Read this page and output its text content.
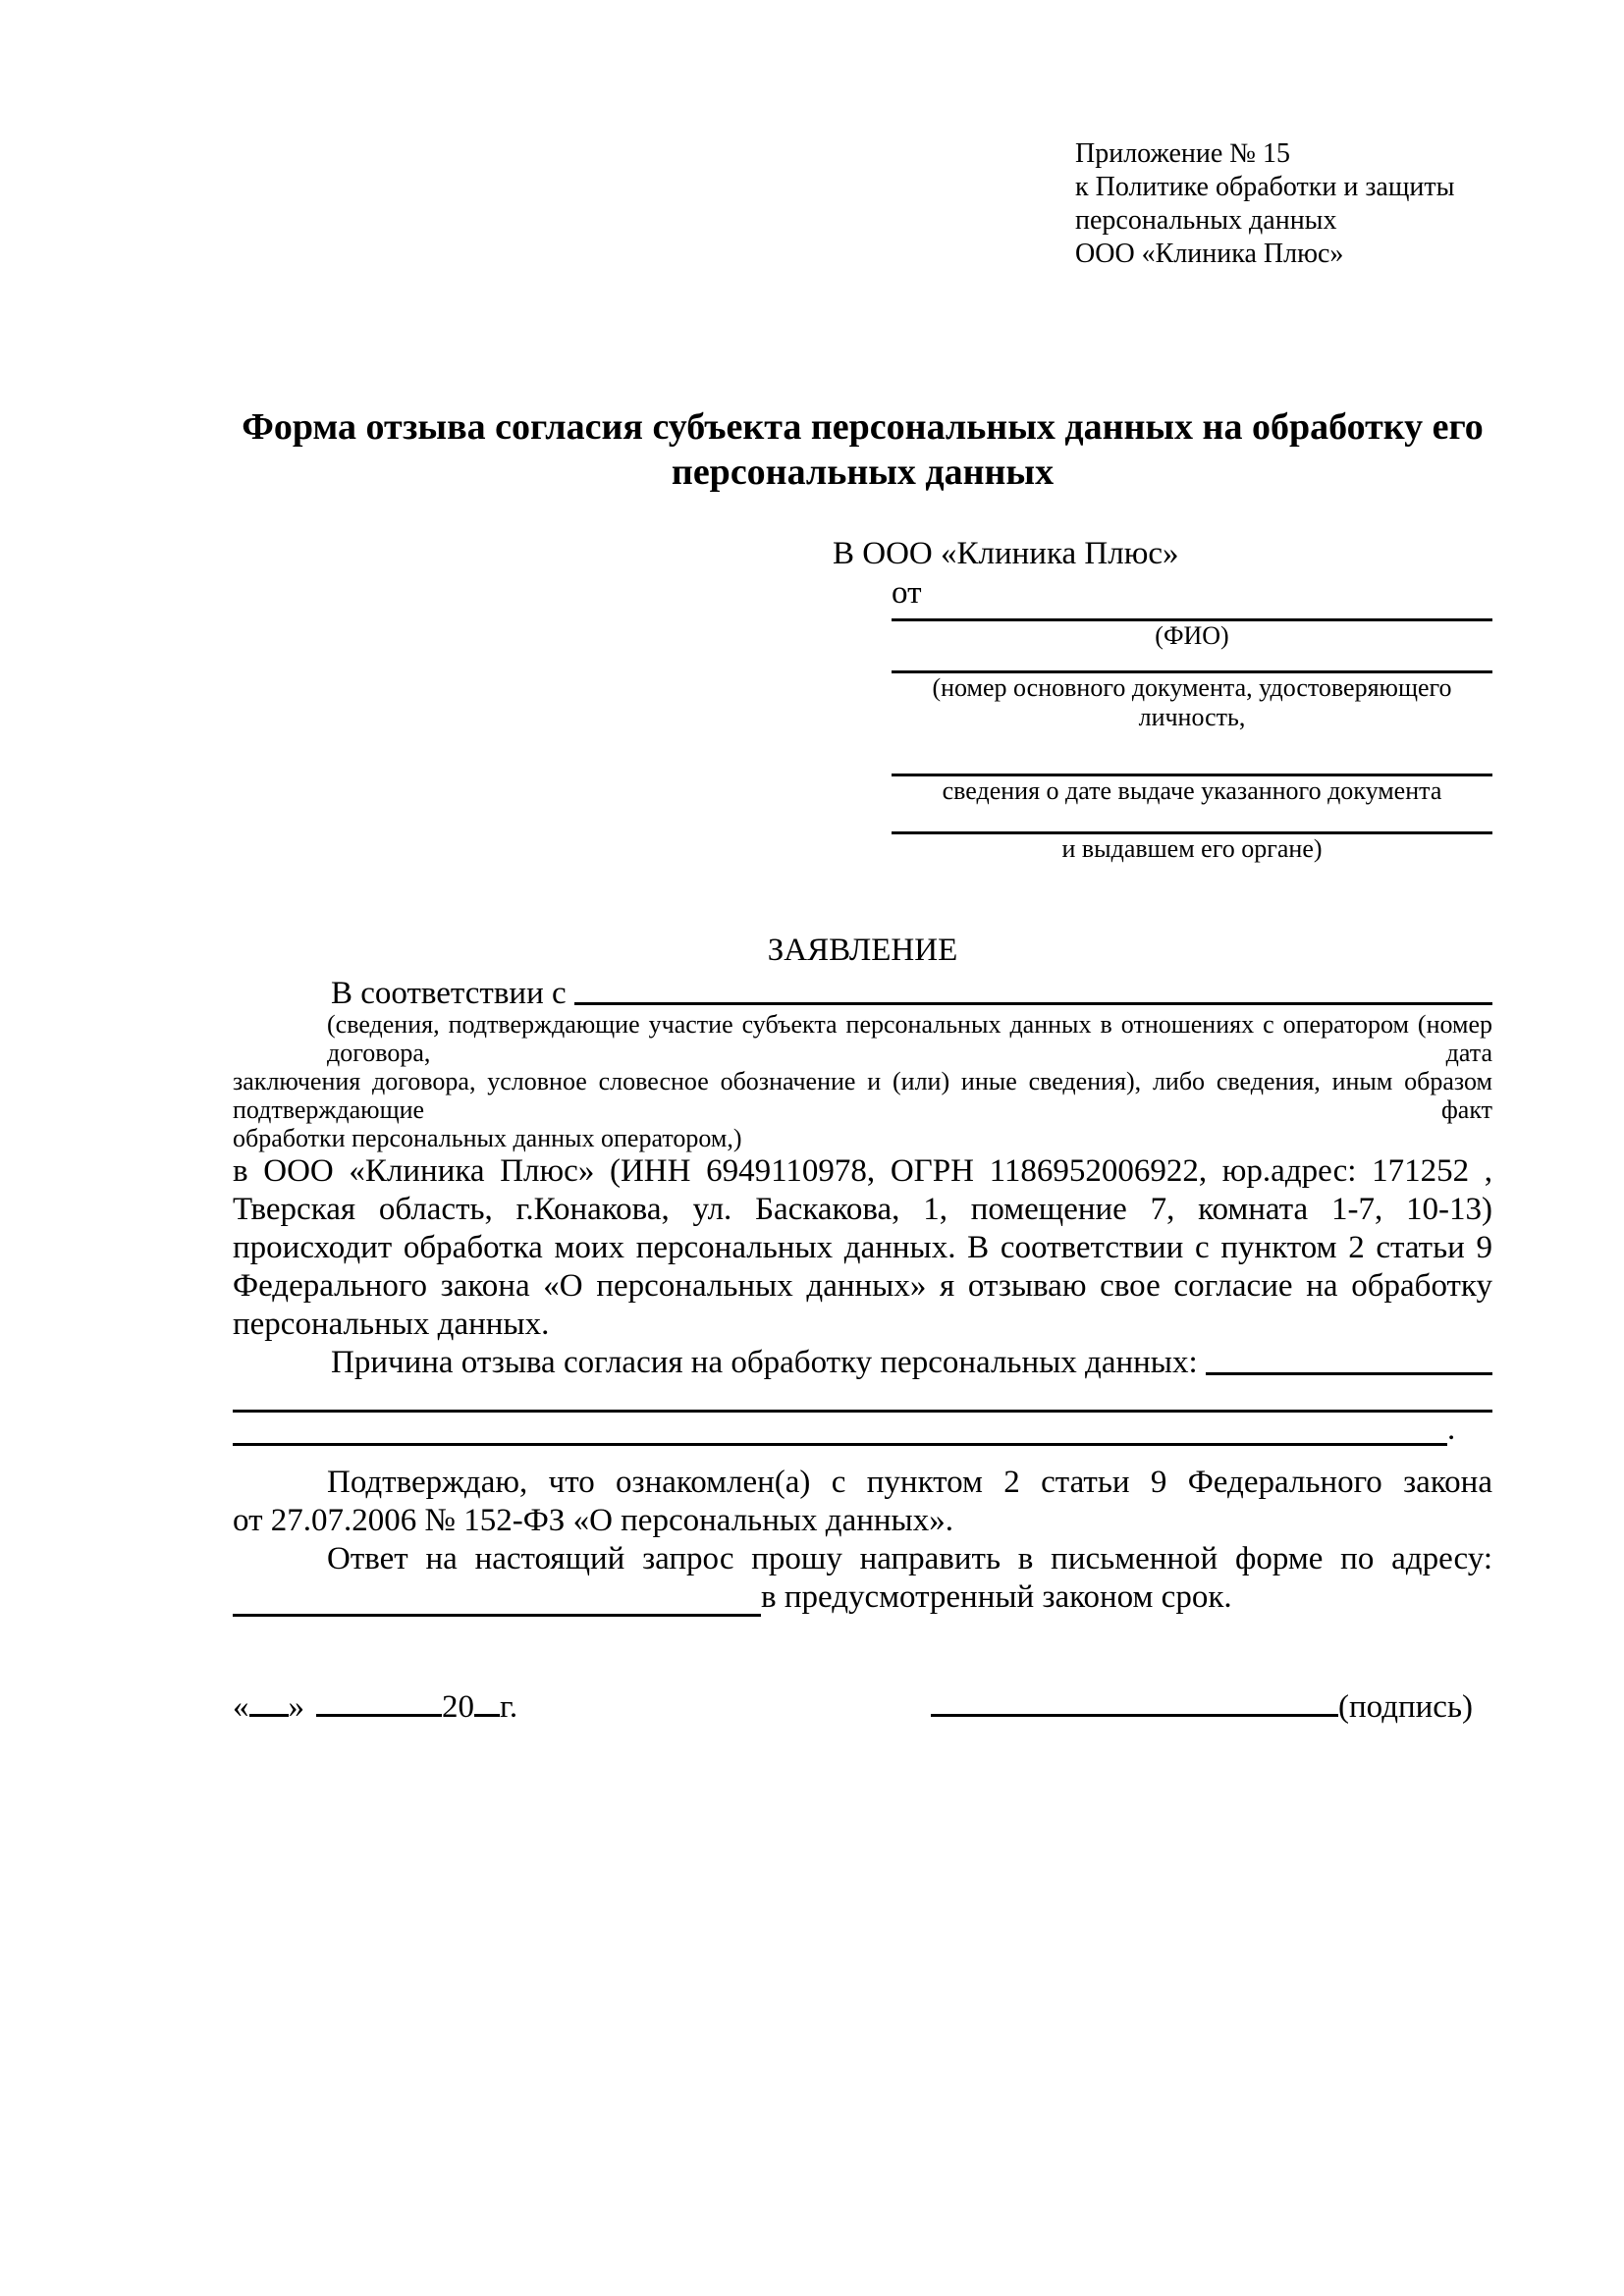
Приложение № 15
к Политике обработки и защиты
персональных данных
ООО «Клиника Плюс»
Форма отзыва согласия субъекта персональных данных на обработку его персональных данных
В ООО «Клиника Плюс»
от
(ФИО)
(номер основного документа, удостоверяющего личность,
сведения о дате выдаче указанного документа
и выдавшем его органе)
ЗАЯВЛЕНИЕ
В соответствии с
(сведения, подтверждающие участие субъекта персональных данных в отношениях с оператором (номер договора, дата
заключения договора, условное словесное обозначение и (или) иные сведения), либо сведения, иным образом подтверждающие факт
обработки персональных данных оператором,)
в ООО «Клиника Плюс» (ИНН 6949110978, ОГРН 1186952006922, юр.адрес: 171252 ,
Тверская область, г.Конакова, ул. Баскакова, 1, помещение 7, комната 1-7, 10-13)
происходит обработка моих персональных данных. В соответствии с пунктом 2 статьи 9
Федерального закона «О персональных данных» я отзываю свое согласие на обработку
персональных данных.
Причина отзыва согласия на обработку персональных данных:
.
Подтверждаю, что ознакомлен(а) с пунктом 2 статьи 9 Федерального закона
от 27.07.2006 № 152-ФЗ «О персональных данных».
Ответ на настоящий запрос прошу направить в письменной форме по адресу:
в предусмотренный законом срок.
« »	20 г.	(подпись)
